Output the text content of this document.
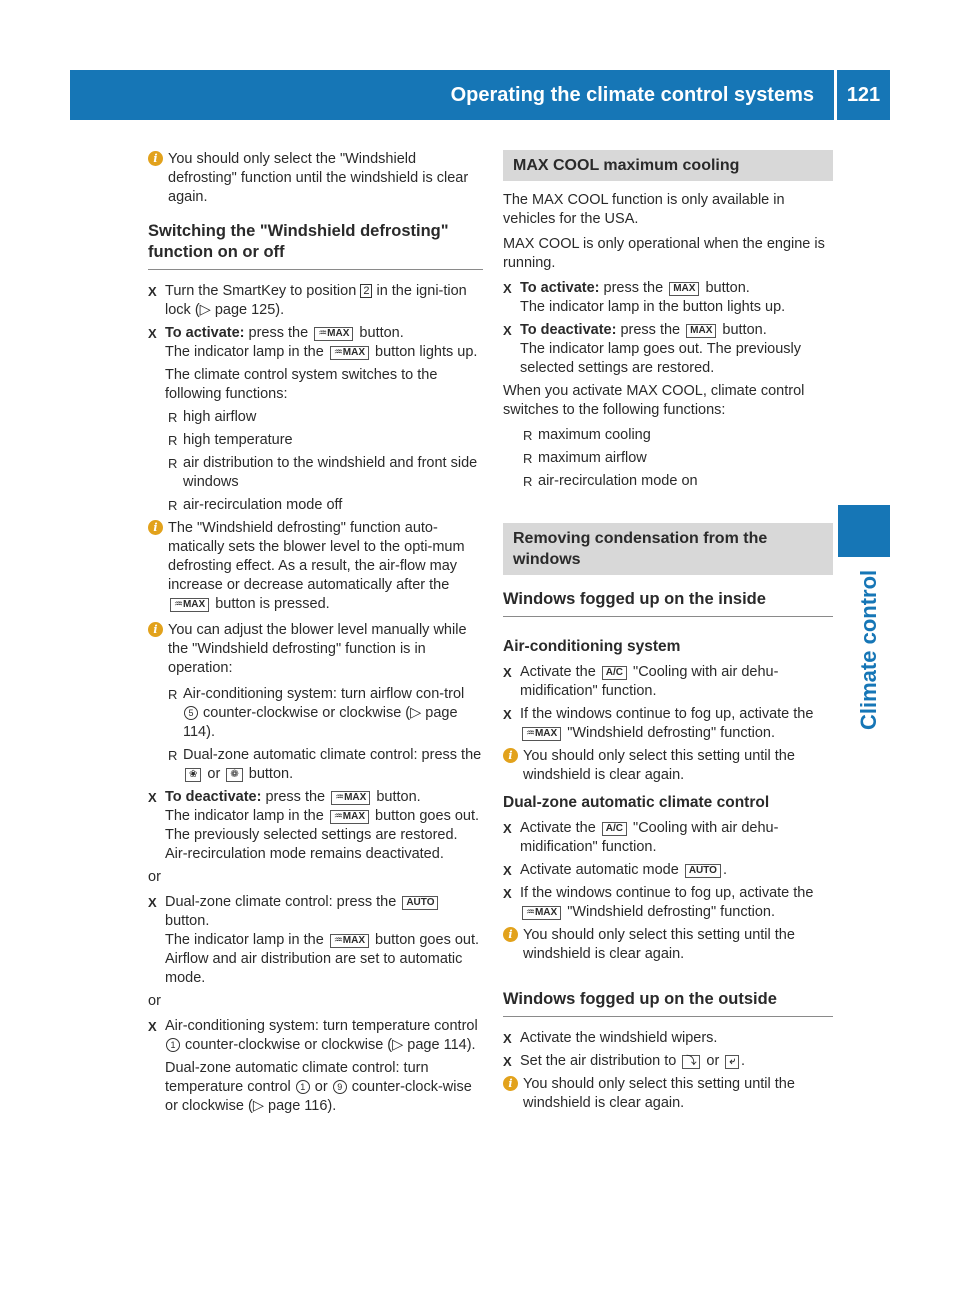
Operating the climate control systems	121
Climate control
i You should only select the "Windshield defrosting" function until the windshield is clear again.
Switching the "Windshield defrosting" function on or off
X Turn the SmartKey to position 2 in the igni-tion lock (▷ page 125).
X To activate: press the ♒MAX button.
The indicator lamp in the ♒MAX button lights up.
The climate control system switches to the following functions:
R high airflow
R high temperature
R air distribution to the windshield and front side windows
R air-recirculation mode off
i The "Windshield defrosting" function auto-matically sets the blower level to the opti-mum defrosting effect. As a result, the air-flow may increase or decrease automatically after the ♒MAX button is pressed.
i You can adjust the blower level manually while the "Windshield defrosting" function is in operation:
R Air-conditioning system: turn airflow con-trol 5 counter-clockwise or clockwise (▷ page 114).
R Dual-zone automatic climate control: press the ❀ or ❁ button.
X To deactivate: press the ♒MAX button.
The indicator lamp in the ♒MAX button goes out. The previously selected settings are restored. Air-recirculation mode remains deactivated.

or

X Dual-zone climate control: press the AUTO button.
The indicator lamp in the ♒MAX button goes out. Airflow and air distribution are set to automatic mode.

or

X Air-conditioning system: turn temperature control 1 counter-clockwise or clockwise (▷ page 114).
Dual-zone automatic climate control: turn temperature control 1 or 9 counter-clock-wise or clockwise (▷ page 116).
MAX COOL maximum cooling

The MAX COOL function is only available in vehicles for the USA.

MAX COOL is only operational when the engine is running.

X To activate: press the MAX button.
The indicator lamp in the button lights up.
X To deactivate: press the MAX button.
The indicator lamp goes out. The previously selected settings are restored.

When you activate MAX COOL, climate control switches to the following functions:

R maximum cooling
R maximum airflow
R air-recirculation mode on
Removing condensation from the windows
Windows fogged up on the inside
Air-conditioning system
X Activate the A/C "Cooling with air dehu-midification" function.
X If the windows continue to fog up, activate the ♒MAX "Windshield defrosting" function.
i You should only select this setting until the windshield is clear again.
Dual-zone automatic climate control
X Activate the A/C "Cooling with air dehu-midification" function.
X Activate automatic mode AUTO .
X If the windows continue to fog up, activate the ♒MAX "Windshield defrosting" function.
i You should only select this setting until the windshield is clear again.
Windows fogged up on the outside
X Activate the windshield wipers.
X Set the air distribution to ⤵ or ⤶ .
i You should only select this setting until the windshield is clear again.
